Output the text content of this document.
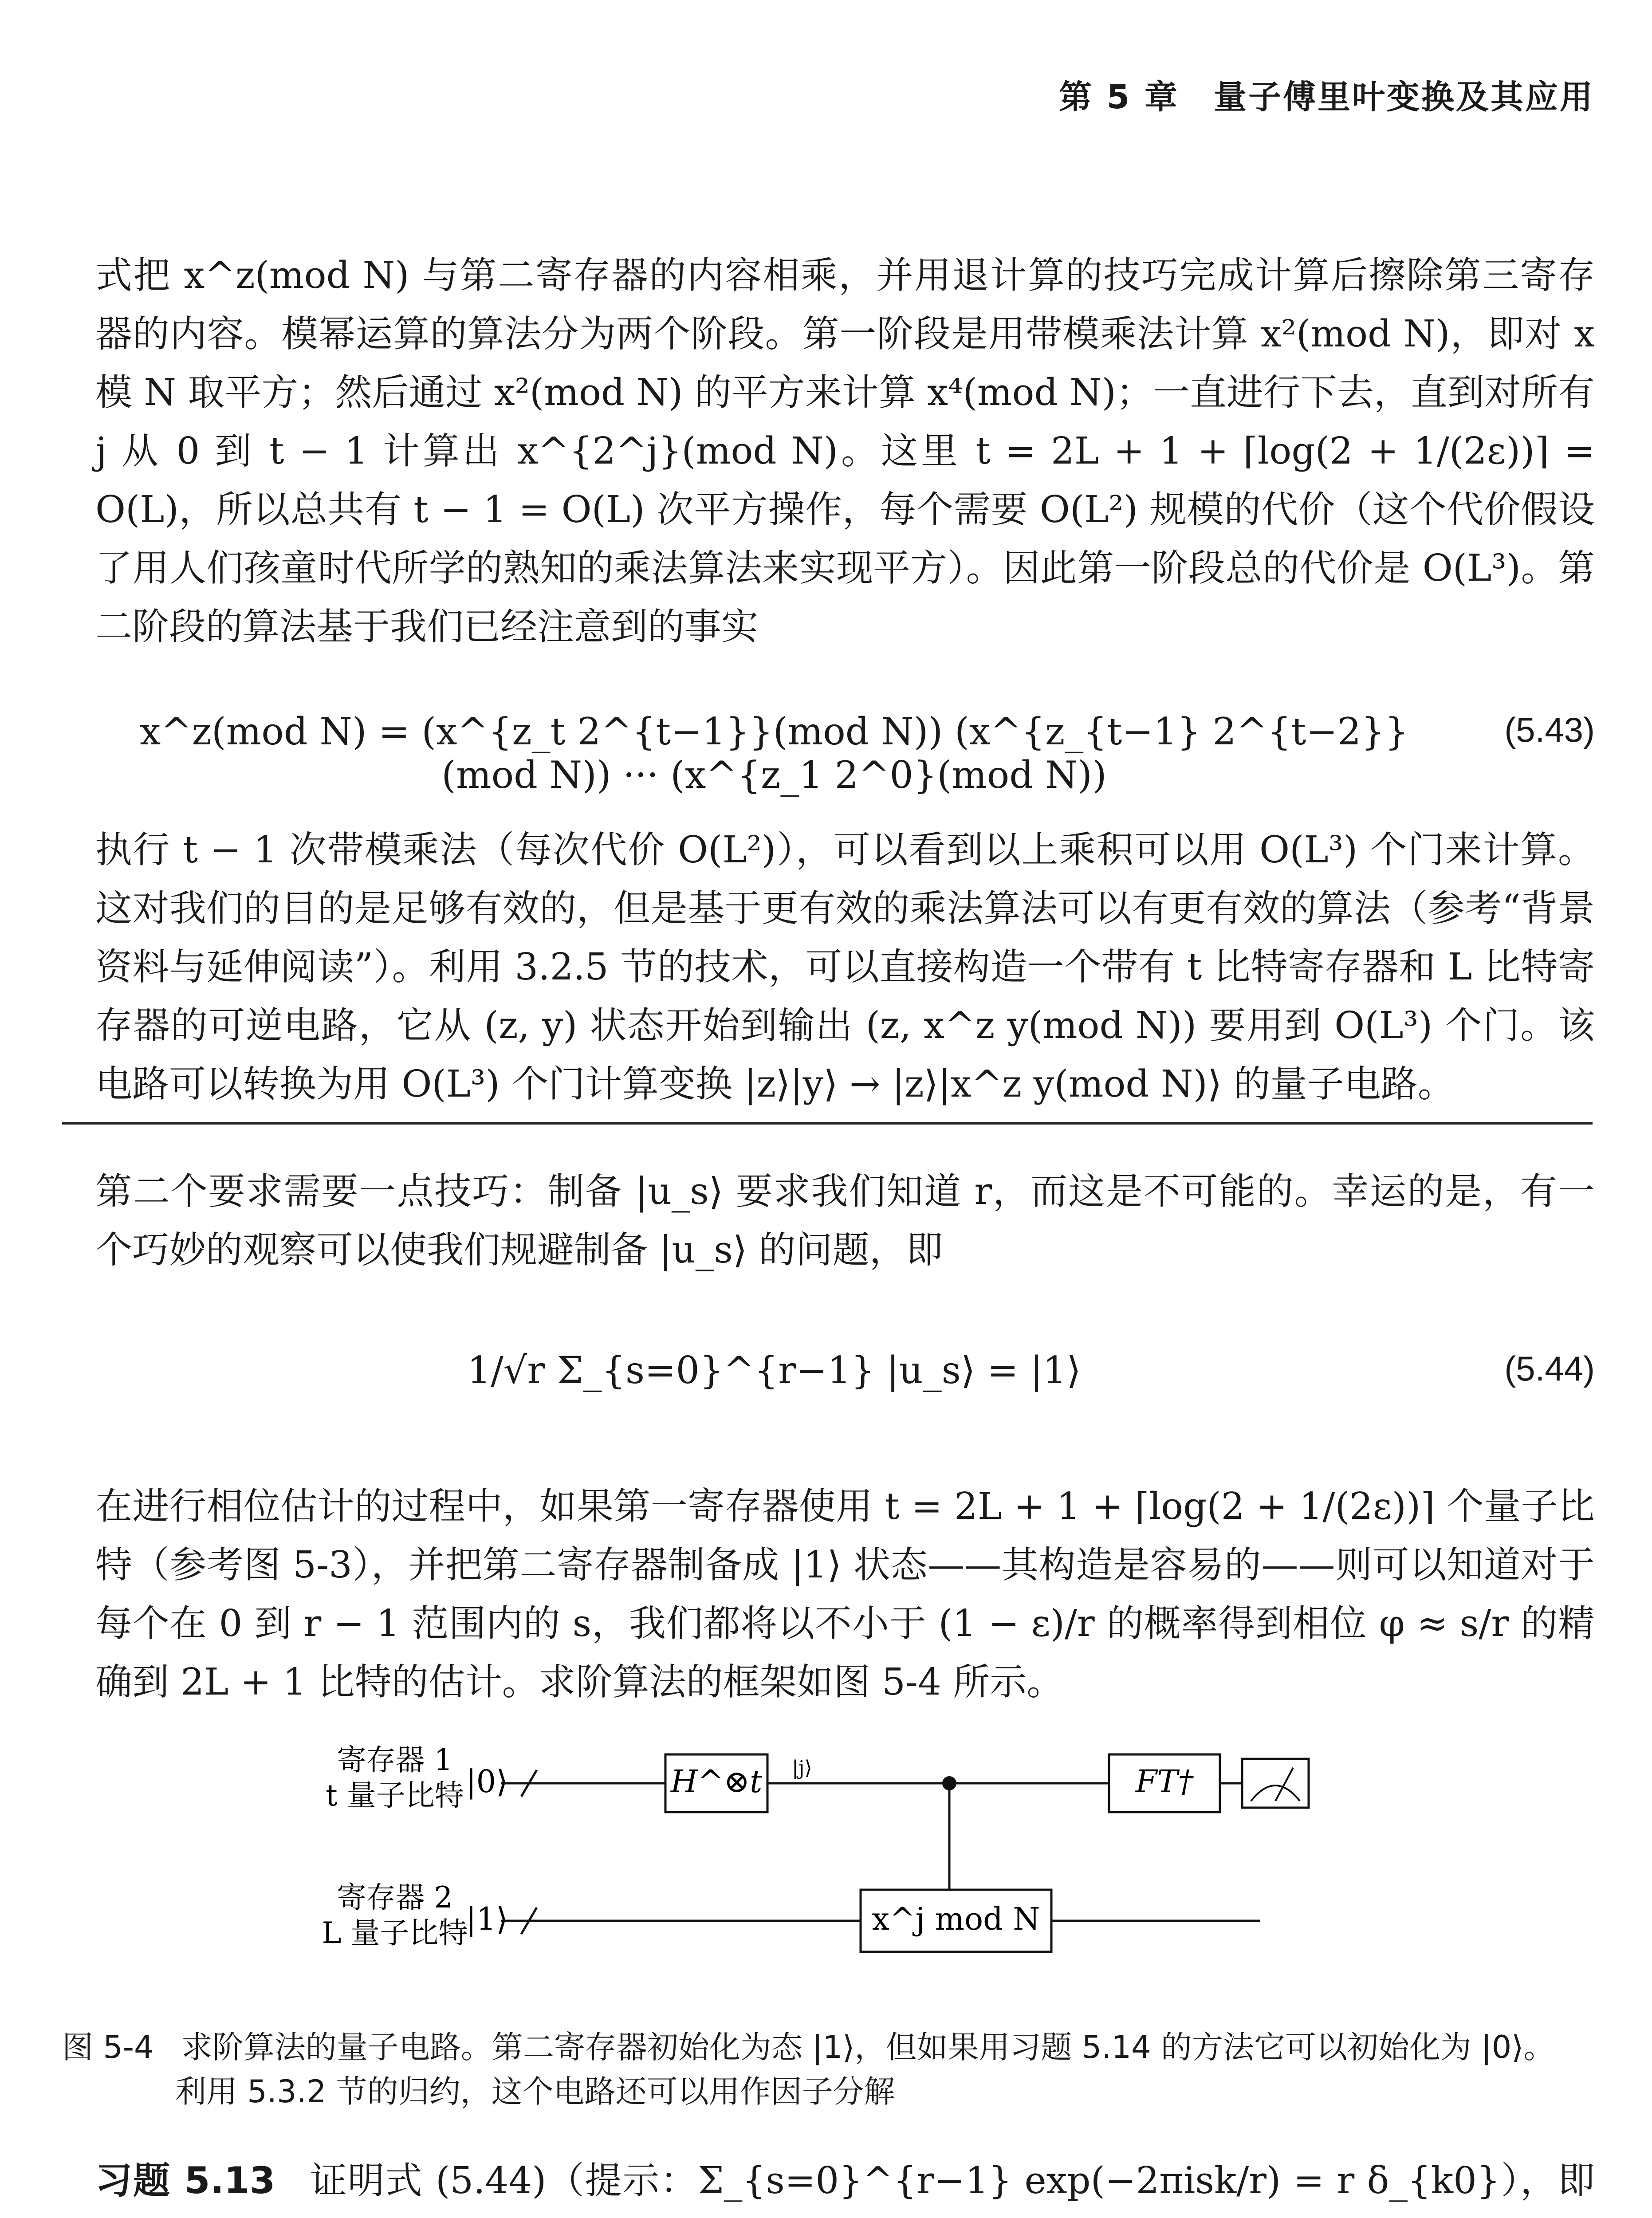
第 5 章　量子傅里叶变换及其应用

式把 x^z(mod N) 与第二寄存器的内容相乘，并用退计算的技巧完成计算后擦除第三寄存器的内容。模幂运算的算法分为两个阶段。第一阶段是用带模乘法计算 x²(mod N)，即对 x 模 N 取平方；然后通过 x²(mod N) 的平方来计算 x⁴(mod N)；一直进行下去，直到对所有 j 从 0 到 t − 1 计算出 x^{2^j}(mod N)。这里 t = 2L + 1 + ⌈log(2 + 1/(2ε))⌉ = O(L)，所以总共有 t − 1 = O(L) 次平方操作，每个需要 O(L²) 规模的代价（这个代价假设了用人们孩童时代所学的熟知的乘法算法来实现平方）。因此第一阶段总的代价是 O(L³)。第二阶段的算法基于我们已经注意到的事实

x^z(mod N) = (x^{z_t 2^{t−1}}(mod N)) (x^{z_{t−1} 2^{t−2}}(mod N)) ··· (x^{z_1 2^0}(mod N))
(5.43)

执行 t − 1 次带模乘法（每次代价 O(L²)），可以看到以上乘积可以用 O(L³) 个门来计算。这对我们的目的是足够有效的，但是基于更有效的乘法算法可以有更有效的算法（参考“背景资料与延伸阅读”）。利用 3.2.5 节的技术，可以直接构造一个带有 t 比特寄存器和 L 比特寄存器的可逆电路，它从 (z, y) 状态开始到输出 (z, x^z y(mod N)) 要用到 O(L³) 个门。该电路可以转换为用 O(L³) 个门计算变换 |z⟩|y⟩ → |z⟩|x^z y(mod N)⟩ 的量子电路。

第二个要求需要一点技巧：制备 |u_s⟩ 要求我们知道 r，而这是不可能的。幸运的是，有一个巧妙的观察可以使我们规避制备 |u_s⟩ 的问题，即

1/√r Σ_{s=0}^{r−1} |u_s⟩ = |1⟩	(5.44)

在进行相位估计的过程中，如果第一寄存器使用 t = 2L + 1 + ⌈log(2 + 1/(2ε))⌉ 个量子比特（参考图 5-3），并把第二寄存器制备成 |1⟩ 状态——其构造是容易的——则可以知道对于每个在 0 到 r − 1 范围内的 s，我们都将以不小于 (1 − ε)/r 的概率得到相位 φ ≈ s/r 的精确到 2L + 1 比特的估计。求阶算法的框架如图 5-4 所示。

寄存器 1
t 量子比特
寄存器 2
L 量子比特
|0⟩
|1⟩
H^⊗t |j⟩	FT†
x^j mod N
图 5-4 求阶算法的量子电路。第二寄存器初始化为态 |1⟩，但如果用习题 5.14 的方法它可以初始化为 |0⟩。
利用 5.3.2 节的归约，这个电路还可以用作因子分解
习题 5.13 证明式 (5.44)（提示：Σ_{s=0}^{r−1} exp(−2πisk/r) = r δ_{k0}），即
